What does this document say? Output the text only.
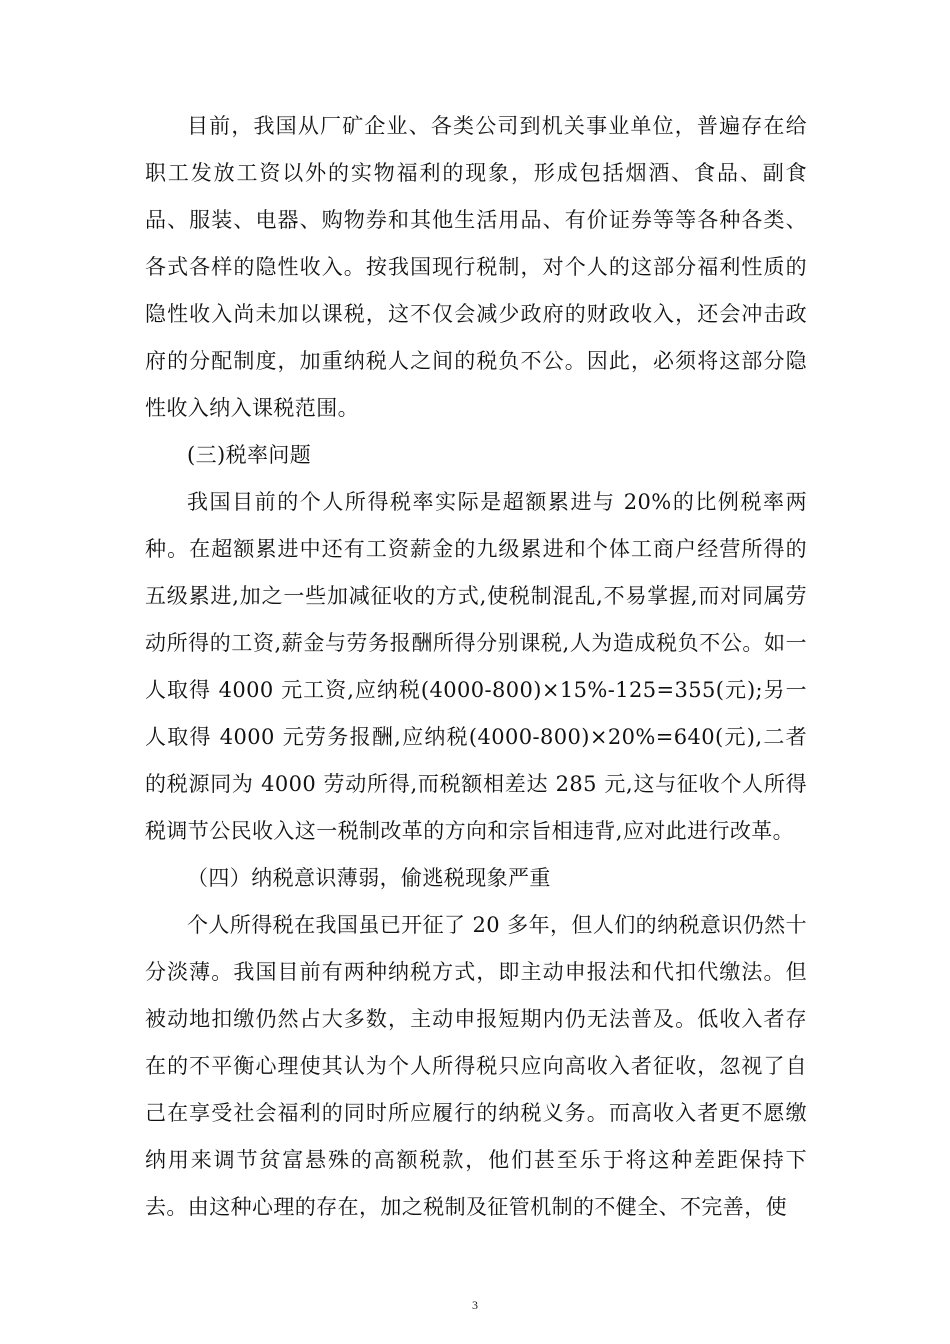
目前，我国从厂矿企业、各类公司到机关事业单位，普遍存在给职工发放工资以外的实物福利的现象，形成包括烟酒、食品、副食品、服装、电器、购物券和其他生活用品、有价证券等等各种各类、各式各样的隐性收入。按我国现行税制，对个人的这部分福利性质的隐性收入尚未加以课税，这不仅会减少政府的财政收入，还会冲击政府的分配制度，加重纳税人之间的税负不公。因此，必须将这部分隐性收入纳入课税范围。

(三)税率问题

我国目前的个人所得税率实际是超额累进与 20%的比例税率两种。在超额累进中还有工资薪金的九级累进和个体工商户经营所得的五级累进,加之一些加减征收的方式,使税制混乱,不易掌握,而对同属劳动所得的工资,薪金与劳务报酬所得分别课税,人为造成税负不公。如一人取得 4000 元工资,应纳税(4000-800)×15%-125=355(元);另一人取得 4000 元劳务报酬,应纳税(4000-800)×20%=640(元),二者的税源同为 4000 劳动所得,而税额相差达 285 元,这与征收个人所得税调节公民收入这一税制改革的方向和宗旨相违背,应对此进行改革。

（四）纳税意识薄弱，偷逃税现象严重

个人所得税在我国虽已开征了 20 多年，但人们的纳税意识仍然十分淡薄。我国目前有两种纳税方式，即主动申报法和代扣代缴法。但被动地扣缴仍然占大多数，主动申报短期内仍无法普及。低收入者存在的不平衡心理使其认为个人所得税只应向高收入者征收，忽视了自己在享受社会福利的同时所应履行的纳税义务。而高收入者更不愿缴纳用来调节贫富悬殊的高额税款，他们甚至乐于将这种差距保持下去。由这种心理的存在，加之税制及征管机制的不健全、不完善，使

3
